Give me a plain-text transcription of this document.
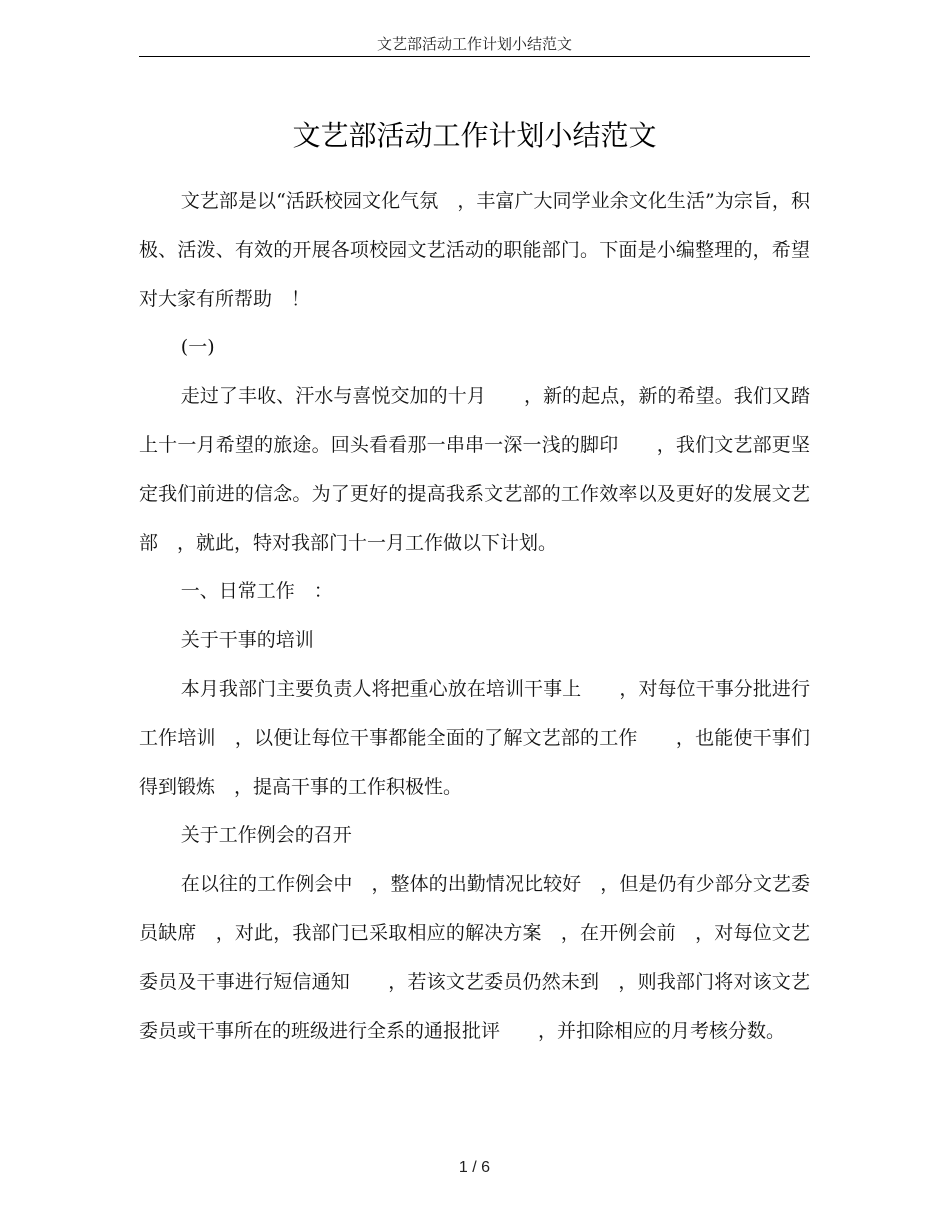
文艺部活动工作计划小结范文
文艺部活动工作计划小结范文

文艺部是以“活跃校园文化气氛　，丰富广大同学业余文化生活”为宗旨，积极、活泼、有效的开展各项校园文艺活动的职能部门。下面是小编整理的，希望对大家有所帮助　！

(一)

走过了丰收、汗水与喜悦交加的十月　　，新的起点，新的希望。我们又踏上十一月希望的旅途。回头看看那一串串一深一浅的脚印　　，我们文艺部更坚定我们前进的信念。为了更好的提高我系文艺部的工作效率以及更好的发展文艺部　，就此，特对我部门十一月工作做以下计划。

一、日常工作　：

关于干事的培训

本月我部门主要负责人将把重心放在培训干事上　　，对每位干事分批进行工作培训　，以便让每位干事都能全面的了解文艺部的工作　　，也能使干事们得到锻炼　，提高干事的工作积极性。

关于工作例会的召开

在以往的工作例会中　，整体的出勤情况比较好　，但是仍有少部分文艺委员缺席　，对此，我部门已采取相应的解决方案　，在开例会前　，对每位文艺委员及干事进行短信通知　　，若该文艺委员仍然未到　，则我部门将对该文艺委员或干事所在的班级进行全系的通报批评　　，并扣除相应的月考核分数。

1 / 6
